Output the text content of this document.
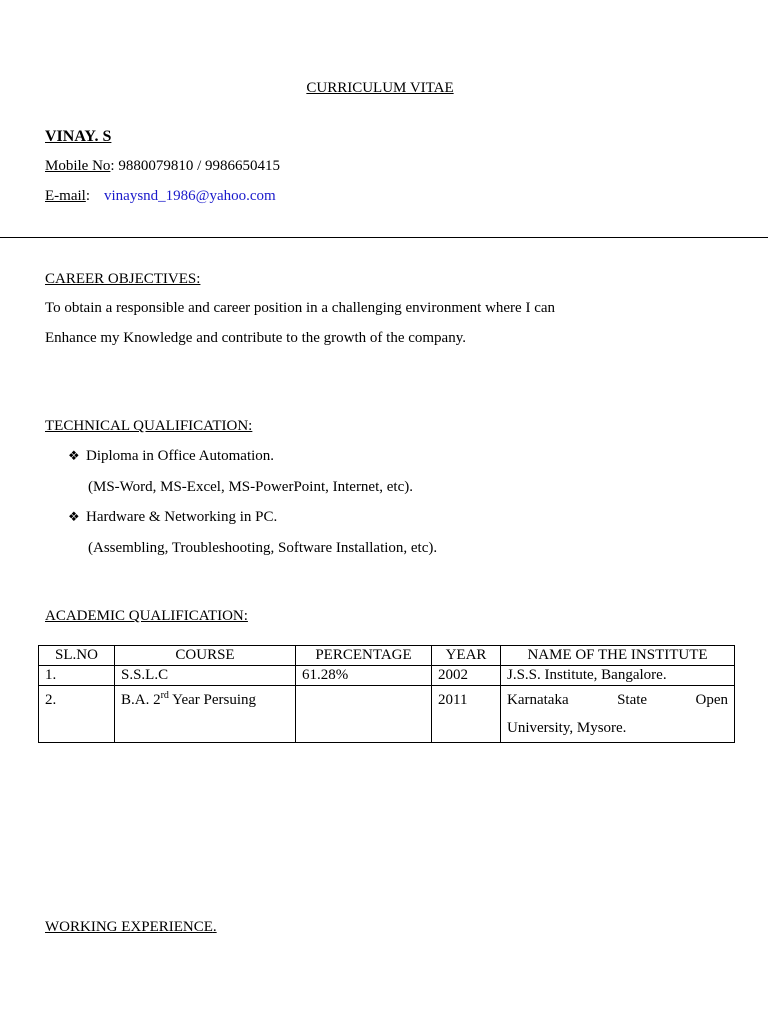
CURRICULUM VITAE
VINAY. S
Mobile No: 9880079810 / 9986650415
E-mail: vinaysnd_1986@yahoo.com
CAREER OBJECTIVES:
To obtain a responsible and career position in a challenging environment where I can
Enhance my Knowledge and contribute to the growth of the company.
TECHNICAL QUALIFICATION:
❖ Diploma in Office Automation.
(MS-Word, MS-Excel, MS-PowerPoint, Internet, etc).
❖ Hardware & Networking in PC.
(Assembling, Troubleshooting, Software Installation, etc).
ACADEMIC QUALIFICATION:
SL.NO	COURSE	PERCENTAGE	YEAR	NAME OF THE INSTITUTE
1.	S.S.L.C	61.28%	2002	J.S.S. Institute, Bangalore.
2.	B.A. 2rd Year Persuing		2011	Karnataka State Open
University, Mysore.
WORKING EXPERIENCE.
